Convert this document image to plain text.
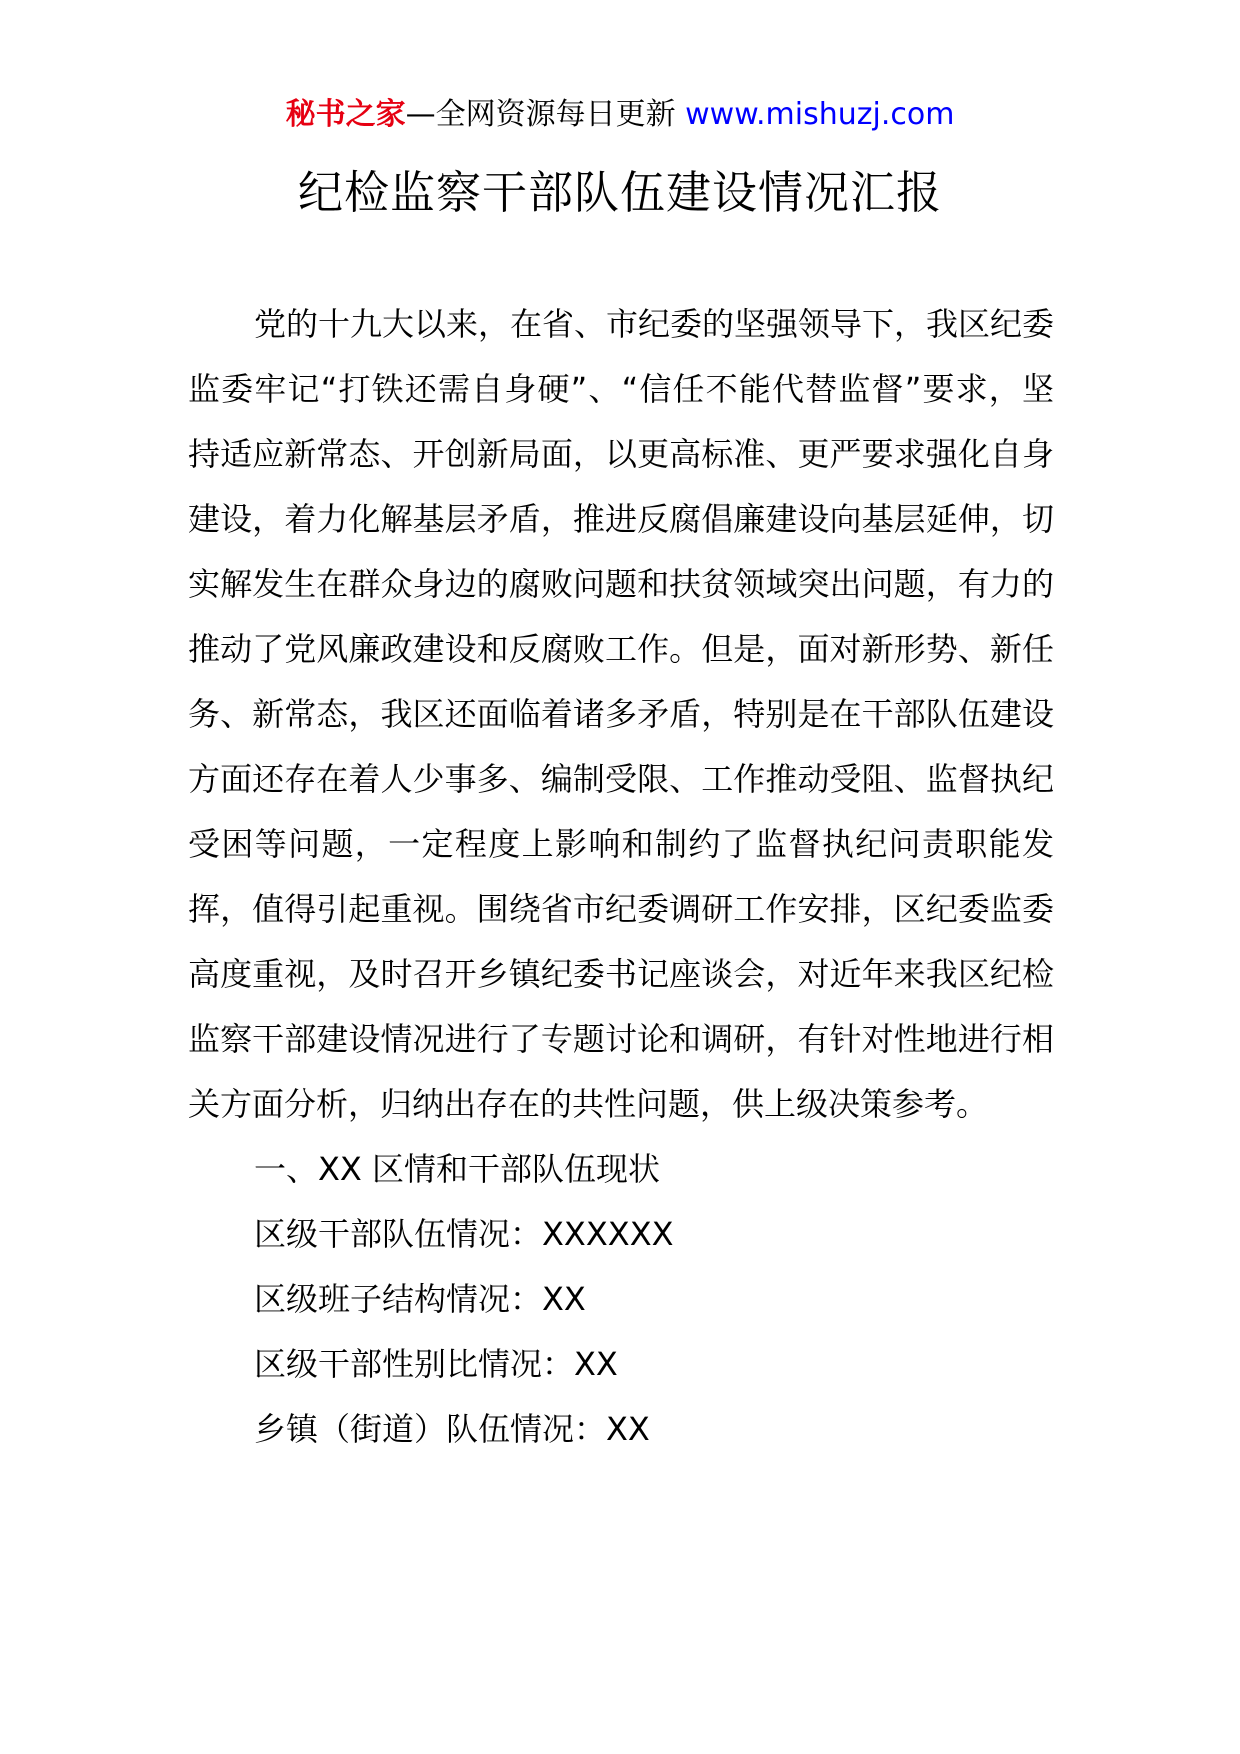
秘书之家—全网资源每日更新 www.mishuzj.com
纪检监察干部队伍建设情况汇报

党的十九大以来，在省、市纪委的坚强领导下，我区纪委监委牢记“打铁还需自身硬”、“信任不能代替监督”要求，坚持适应新常态、开创新局面，以更高标准、更严要求强化自身建设，着力化解基层矛盾，推进反腐倡廉建设向基层延伸，切实解发生在群众身边的腐败问题和扶贫领域突出问题，有力的推动了党风廉政建设和反腐败工作。但是，面对新形势、新任务、新常态，我区还面临着诸多矛盾，特别是在干部队伍建设方面还存在着人少事多、编制受限、工作推动受阻、监督执纪受困等问题，一定程度上影响和制约了监督执纪问责职能发挥，值得引起重视。围绕省市纪委调研工作安排，区纪委监委高度重视，及时召开乡镇纪委书记座谈会，对近年来我区纪检监察干部建设情况进行了专题讨论和调研，有针对性地进行相关方面分析，归纳出存在的共性问题，供上级决策参考。

一、XX 区情和干部队伍现状

区级干部队伍情况：XXXXXX

区级班子结构情况：XX

区级干部性别比情况：XX

乡镇（街道）队伍情况：XX
